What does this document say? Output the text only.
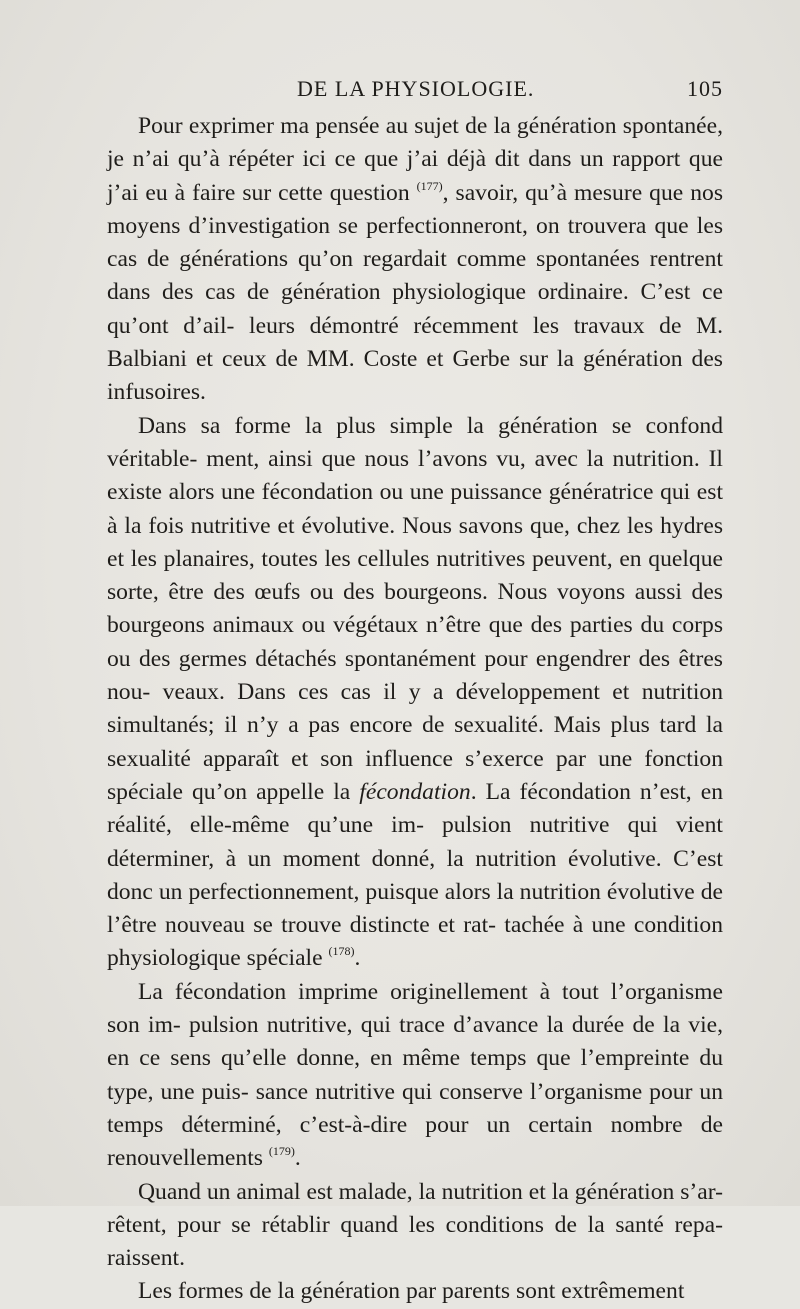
DE LA PHYSIOLOGIE.	105

Pour exprimer ma pensée au sujet de la génération spontanée, je n’ai qu’à répéter ici ce que j’ai déjà dit dans un rapport que j’ai eu à faire sur cette question $^{(177)}$, savoir, qu’à mesure que nos moyens d’investigation se perfectionneront, on trouvera que les cas de générations qu’on regardait comme spontanées rentrent dans des cas de génération physiologique ordinaire. C’est ce qu’ont d’ail- leurs démontré récemment les travaux de M. Balbiani et ceux de MM. Coste et Gerbe sur la génération des infusoires.

Dans sa forme la plus simple la génération se confond véritable- ment, ainsi que nous l’avons vu, avec la nutrition. Il existe alors une fécondation ou une puissance génératrice qui est à la fois nutritive et évolutive. Nous savons que, chez les hydres et les planaires, toutes les cellules nutritives peuvent, en quelque sorte, être des œufs ou des bourgeons. Nous voyons aussi des bourgeons animaux ou végétaux n’être que des parties du corps ou des germes détachés spontanément pour engendrer des êtres nou- veaux. Dans ces cas il y a développement et nutrition simultanés; il n’y a pas encore de sexualité. Mais plus tard la sexualité apparaît et son influence s’exerce par une fonction spéciale qu’on appelle la fécondation. La fécondation n’est, en réalité, elle-même qu’une im- pulsion nutritive qui vient déterminer, à un moment donné, la nutrition évolutive. C’est donc un perfectionnement, puisque alors la nutrition évolutive de l’être nouveau se trouve distincte et rat- tachée à une condition physiologique spéciale $^{(178)}$.

La fécondation imprime originellement à tout l’organisme son im- pulsion nutritive, qui trace d’avance la durée de la vie, en ce sens qu’elle donne, en même temps que l’empreinte du type, une puis- sance nutritive qui conserve l’organisme pour un temps déterminé, c’est-à-dire pour un certain nombre de renouvellements $^{(179)}$.

Quand un animal est malade, la nutrition et la génération s’ar- rêtent, pour se rétablir quand les conditions de la santé repa- raissent.

Les formes de la génération par parents sont extrêmement
